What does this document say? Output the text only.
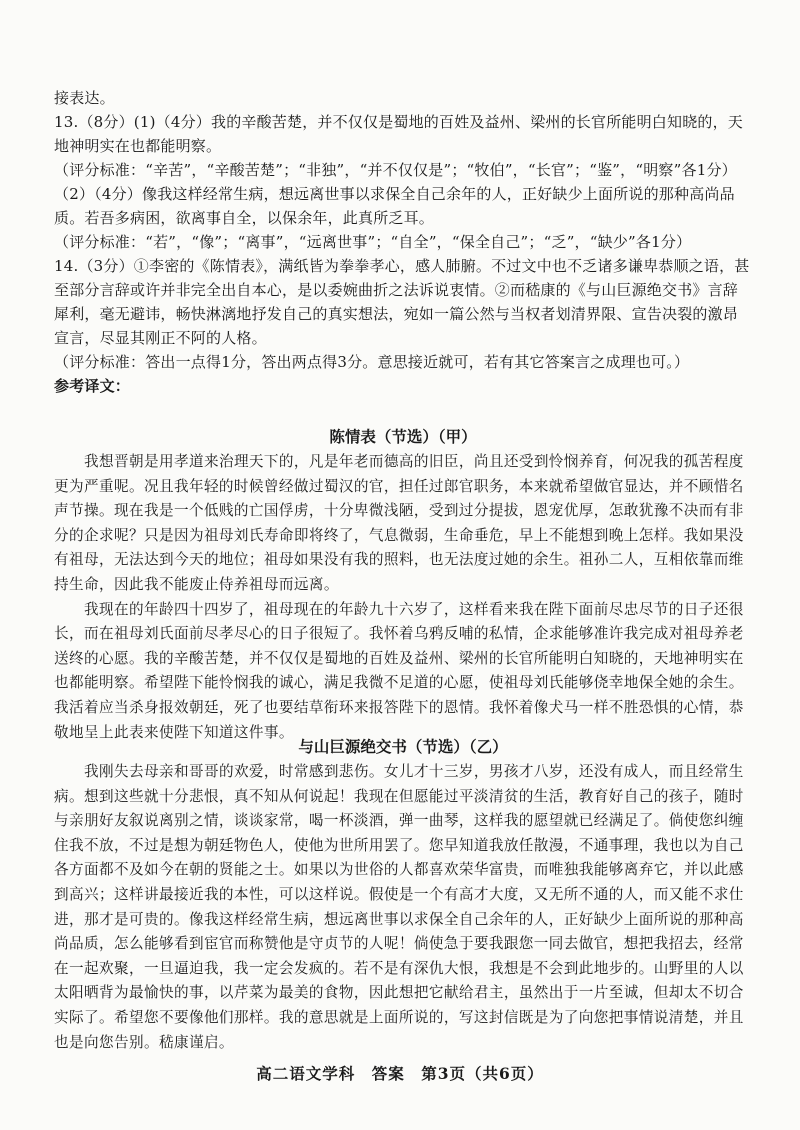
接表达。

13.（8分）(1)（4分）我的辛酸苦楚，并不仅仅是蜀地的百姓及益州、梁州的长官所能明白知晓的，天地神明实在也都能明察。

（评分标准：“辛苦”，“辛酸苦楚”；“非独”，“并不仅仅是”；“牧伯”，“长官”；“鉴”，“明察”各1分）

（2）（4分）像我这样经常生病，想远离世事以求保全自己余年的人，正好缺少上面所说的那种高尚品质。若吾多病困，欲离事自全，以保余年，此真所乏耳。

（评分标准：“若”，“像”；“离事”，“远离世事”；“自全”，“保全自己”；“乏”，“缺少”各1分）

14.（3分）①李密的《陈情表》，满纸皆为拳拳孝心，感人肺腑。不过文中也不乏诸多谦卑恭顺之语，甚至部分言辞或许并非完全出自本心，是以委婉曲折之法诉说衷情。②而嵇康的《与山巨源绝交书》言辞犀利，毫无避讳，畅快淋漓地抒发自己的真实想法，宛如一篇公然与当权者划清界限、宣告决裂的激昂宣言，尽显其刚正不阿的人格。

（评分标准：答出一点得1分，答出两点得3分。意思接近就可，若有其它答案言之成理也可。）

参考译文：

陈情表（节选）（甲）

我想晋朝是用孝道来治理天下的，凡是年老而德高的旧臣，尚且还受到怜悯养育，何况我的孤苦程度更为严重呢。况且我年轻的时候曾经做过蜀汉的官，担任过郎官职务，本来就希望做官显达，并不顾惜名声节操。现在我是一个低贱的亡国俘虏，十分卑微浅陋，受到过分提拔，恩宠优厚，怎敢犹豫不决而有非分的企求呢？只是因为祖母刘氏寿命即将终了，气息微弱，生命垂危，早上不能想到晚上怎样。我如果没有祖母，无法达到今天的地位；祖母如果没有我的照料，也无法度过她的余生。祖孙二人，互相依靠而维持生命，因此我不能废止侍养祖母而远离。

我现在的年龄四十四岁了，祖母现在的年龄九十六岁了，这样看来我在陛下面前尽忠尽节的日子还很长，而在祖母刘氏面前尽孝尽心的日子很短了。我怀着乌鸦反哺的私情，企求能够准许我完成对祖母养老送终的心愿。我的辛酸苦楚，并不仅仅是蜀地的百姓及益州、梁州的长官所能明白知晓的，天地神明实在也都能明察。希望陛下能怜悯我的诚心，满足我微不足道的心愿，使祖母刘氏能够侥幸地保全她的余生。我活着应当杀身报效朝廷，死了也要结草衔环来报答陛下的恩情。我怀着像犬马一样不胜恐惧的心情，恭敬地呈上此表来使陛下知道这件事。

与山巨源绝交书（节选）（乙）

我刚失去母亲和哥哥的欢爱，时常感到悲伤。女儿才十三岁，男孩才八岁，还没有成人，而且经常生病。想到这些就十分悲恨，真不知从何说起！我现在但愿能过平淡清贫的生活，教育好自己的孩子，随时与亲朋好友叙说离别之情，谈谈家常，喝一杯淡酒，弹一曲琴，这样我的愿望就已经满足了。倘使您纠缠住我不放，不过是想为朝廷物色人，使他为世所用罢了。您早知道我放任散漫，不通事理，我也以为自己各方面都不及如今在朝的贤能之士。如果以为世俗的人都喜欢荣华富贵，而唯独我能够离弃它，并以此感到高兴；这样讲最接近我的本性，可以这样说。假使是一个有高才大度，又无所不通的人，而又能不求仕进，那才是可贵的。像我这样经常生病，想远离世事以求保全自己余年的人，正好缺少上面所说的那种高尚品质，怎么能够看到宦官而称赞他是守贞节的人呢！倘使急于要我跟您一同去做官，想把我招去，经常在一起欢聚，一旦逼迫我，我一定会发疯的。若不是有深仇大恨，我想是不会到此地步的。山野里的人以太阳晒背为最愉快的事，以芹菜为最美的食物，因此想把它献给君主，虽然出于一片至诚，但却太不切合实际了。希望您不要像他们那样。我的意思就是上面所说的，写这封信既是为了向您把事情说清楚，并且也是向您告别。嵇康谨启。

高二语文学科　答案　第3页（共6页）
